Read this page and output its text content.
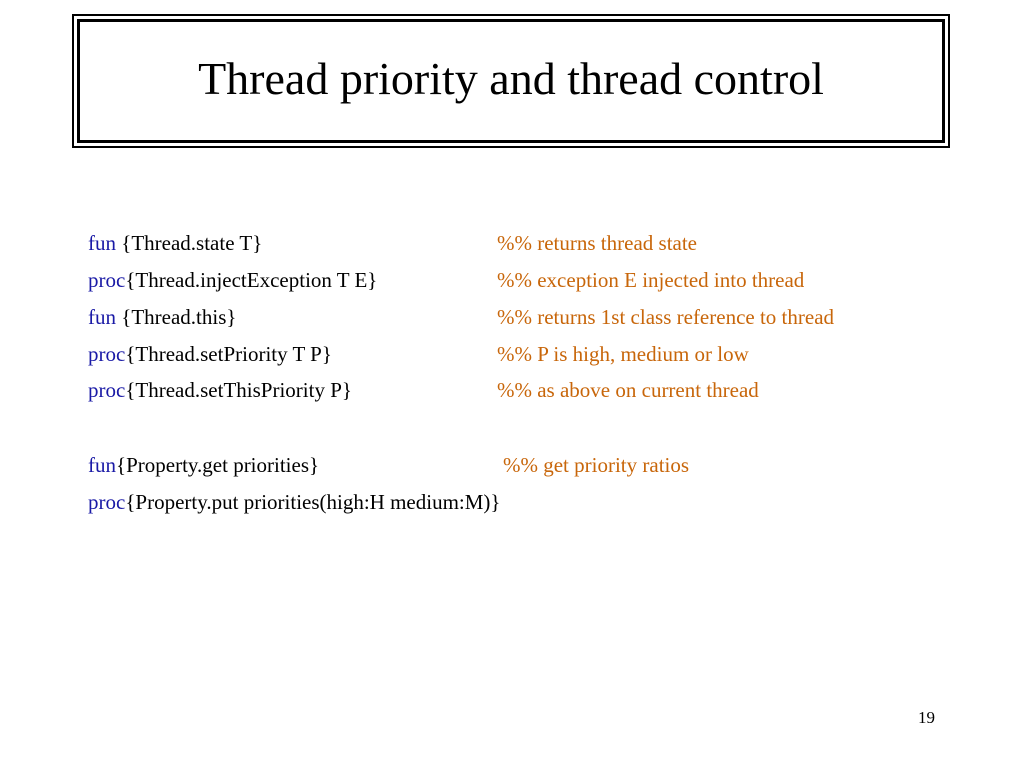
Thread priority and thread control
fun {Thread.state T}	%% returns thread state
proc{Thread.injectException T E}	%% exception E injected into thread
fun {Thread.this}	%% returns 1st class reference to thread
proc{Thread.setPriority T P}	%% P is high, medium or low
proc{Thread.setThisPriority P}	%% as above on current thread
fun{Property.get priorities}	%% get priority ratios
proc{Property.put priorities(high:H medium:M)}
19
